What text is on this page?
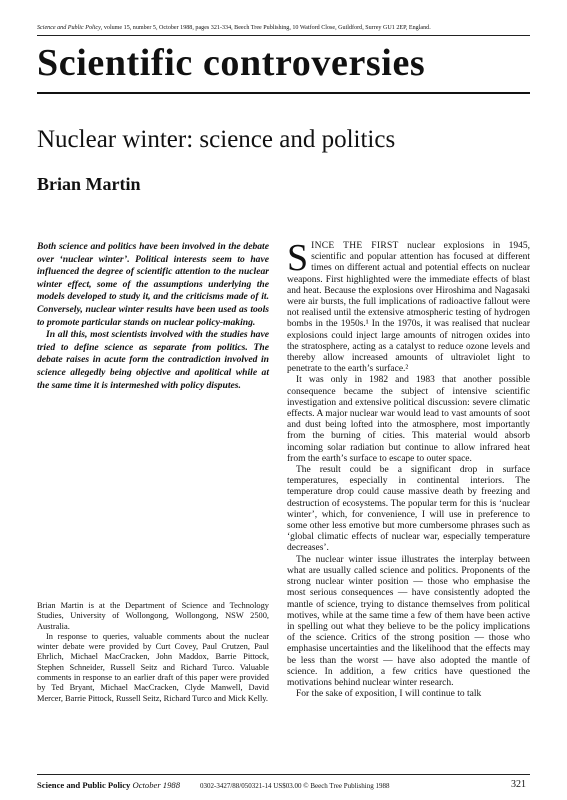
Science and Public Policy, volume 15, number 5, October 1988, pages 321-334, Beech Tree Publishing, 10 Watford Close, Guildford, Surrey GU1 2EP, England.
Scientific controversies
Nuclear winter: science and politics
Brian Martin

Both science and politics have been involved in the debate over ‘nuclear winter’. Political interests seem to have influenced the degree of scientific attention to the nuclear winter effect, some of the assumptions underlying the models developed to study it, and the criticisms made of it. Conversely, nuclear winter results have been used as tools to promote particular stands on nuclear policy-making.

In all this, most scientists involved with the studies have tried to define science as separate from politics. The debate raises in acute form the contradiction involved in science allegedly being objective and apolitical while at the same time it is intermeshed with policy disputes.

Brian Martin is at the Department of Science and Technology Studies, University of Wollongong, Wollongong, NSW 2500, Australia.

In response to queries, valuable comments about the nuclear winter debate were provided by Curt Covey, Paul Crutzen, Paul Ehrlich, Michael MacCracken, John Maddox, Barrie Pittock, Stephen Schneider, Russell Seitz and Richard Turco. Valuable comments in response to an earlier draft of this paper were provided by Ted Bryant, Michael MacCracken, Clyde Manwell, David Mercer, Barrie Pittock, Russell Seitz, Richard Turco and Mick Kelly.

SINCE THE FIRST nuclear explosions in 1945, scientific and popular attention has focused at different times on different actual and potential effects on nuclear weapons. First highlighted were the immediate effects of blast and heat. Because the explosions over Hiroshima and Nagasaki were air bursts, the full implications of radioactive fallout were not realised until the extensive atmospheric testing of hydrogen bombs in the 1950s.¹ In the 1970s, it was realised that nuclear explosions could inject large amounts of nitrogen oxides into the stratosphere, acting as a catalyst to reduce ozone levels and thereby allow increased amounts of ultraviolet light to penetrate to the earth’s surface.²

It was only in 1982 and 1983 that another possible consequence became the subject of intensive scientific investigation and extensive political discussion: severe climatic effects. A major nuclear war would lead to vast amounts of soot and dust being lofted into the atmosphere, most importantly from the burning of cities. This material would absorb incoming solar radiation but continue to allow infrared heat from the earth’s surface to escape to outer space.

The result could be a significant drop in surface temperatures, especially in continental interiors. The temperature drop could cause massive death by freezing and destruction of ecosystems. The popular term for this is ‘nuclear winter’, which, for convenience, I will use in preference to some other less emotive but more cumbersome phrases such as ‘global climatic effects of nuclear war, especially temperature decreases’.

The nuclear winter issue illustrates the interplay between what are usually called science and politics. Proponents of the strong nuclear winter position — those who emphasise the most serious consequences — have consistently adopted the mantle of science, trying to distance themselves from political motives, while at the same time a few of them have been active in spelling out what they believe to be the policy implications of the science. Critics of the strong position — those who emphasise uncertainties and the likelihood that the effects may be less than the worst — have also adopted the mantle of science. In addition, a few critics have questioned the motivations behind nuclear winter research.

For the sake of exposition, I will continue to talk

Science and Public Policy October 1988	0302-3427/88/050321-14 US$03.00 © Beech Tree Publishing 1988	321
